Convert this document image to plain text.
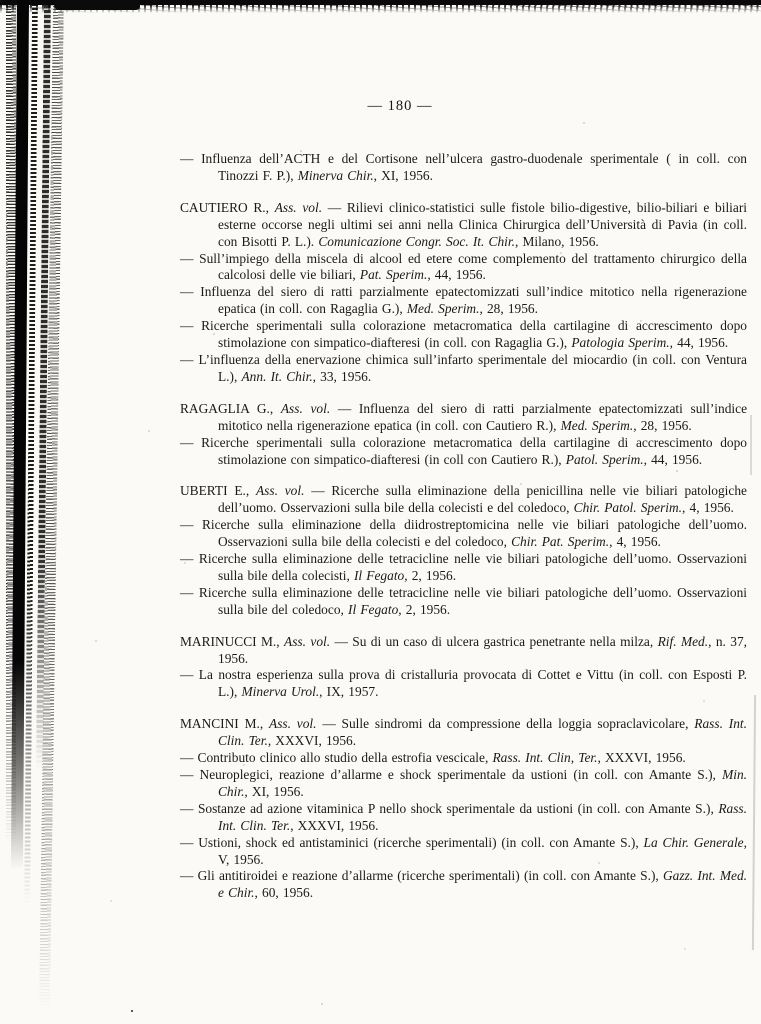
— 180 —

— Influenza dell’ACTH e del Cortisone nell’ulcera gastro-duodenale sperimentale ( in coll. con Tinozzi F. P.), Minerva Chir., XI, 1956.

CAUTIERO R., Ass. vol. — Rilievi clinico-statistici sulle fistole bilio-digestive, bilio-biliari e biliari esterne occorse negli ultimi sei anni nella Clinica Chirurgica dell’Università di Pavia (in coll. con Bisotti P. L.). Comunicazione Congr. Soc. It. Chir., Milano, 1956.

— Sull’impiego della miscela di alcool ed etere come complemento del trattamento chirurgico della calcolosi delle vie biliari, Pat. Sperim., 44, 1956.

— Influenza del siero di ratti parzialmente epatectomizzati sull’indice mitotico nella rigenerazione epatica (in coll. con Ragaglia G.), Med. Sperim., 28, 1956.

— Ricerche sperimentali sulla colorazione metacromatica della cartilagine di accrescimento dopo stimolazione con simpatico-diafteresi (in coll. con Ragaglia G.), Patologia Sperim., 44, 1956.

— L’influenza della enervazione chimica sull’infarto sperimentale del miocardio (in coll. con Ventura L.), Ann. It. Chir., 33, 1956.

RAGAGLIA G., Ass. vol. — Influenza del siero di ratti parzialmente epatectomizzati sull’indice mitotico nella rigenerazione epatica (in coll. con Cautiero R.), Med. Sperim., 28, 1956.

— Ricerche sperimentali sulla colorazione metacromatica della cartilagine di accrescimento dopo stimolazione con simpatico-diafteresi (in coll con Cautiero R.), Patol. Sperim., 44, 1956.

UBERTI E., Ass. vol. — Ricerche sulla eliminazione della penicillina nelle vie biliari patologiche dell’uomo. Osservazioni sulla bile della colecisti e del coledoco, Chir. Patol. Sperim., 4, 1956.

— Ricerche sulla eliminazione della diidrostreptomicina nelle vie biliari patologiche dell’uomo. Osservazioni sulla bile della colecisti e del coledoco, Chir. Pat. Sperim., 4, 1956.

— Ricerche sulla eliminazione delle tetracicline nelle vie biliari patologiche dell’uomo. Osservazioni sulla bile della colecisti, Il Fegato, 2, 1956.

— Ricerche sulla eliminazione delle tetracicline nelle vie biliari patologiche dell’uomo. Osservazioni sulla bile del coledoco, Il Fegato, 2, 1956.

MARINUCCI M., Ass. vol. — Su di un caso di ulcera gastrica penetrante nella milza, Rif. Med., n. 37, 1956.

— La nostra esperienza sulla prova di cristalluria provocata di Cottet e Vittu (in coll. con Esposti P. L.), Minerva Urol., IX, 1957.

MANCINI M., Ass. vol. — Sulle sindromi da compressione della loggia sopraclavicolare, Rass. Int. Clin. Ter., XXXVI, 1956.

— Contributo clinico allo studio della estrofia vescicale, Rass. Int. Clin, Ter., XXXVI, 1956.

— Neuroplegici, reazione d’allarme e shock sperimentale da ustioni (in coll. con Amante S.), Min. Chir., XI, 1956.

— Sostanze ad azione vitaminica P nello shock sperimentale da ustioni (in coll. con Amante S.), Rass. Int. Clin. Ter., XXXVI, 1956.

— Ustioni, shock ed antistaminici (ricerche sperimentali) (in coll. con Amante S.), La Chir. Generale, V, 1956.

— Gli antitiroidei e reazione d’allarme (ricerche sperimentali) (in coll. con Amante S.), Gazz. Int. Med. e Chir., 60, 1956.
